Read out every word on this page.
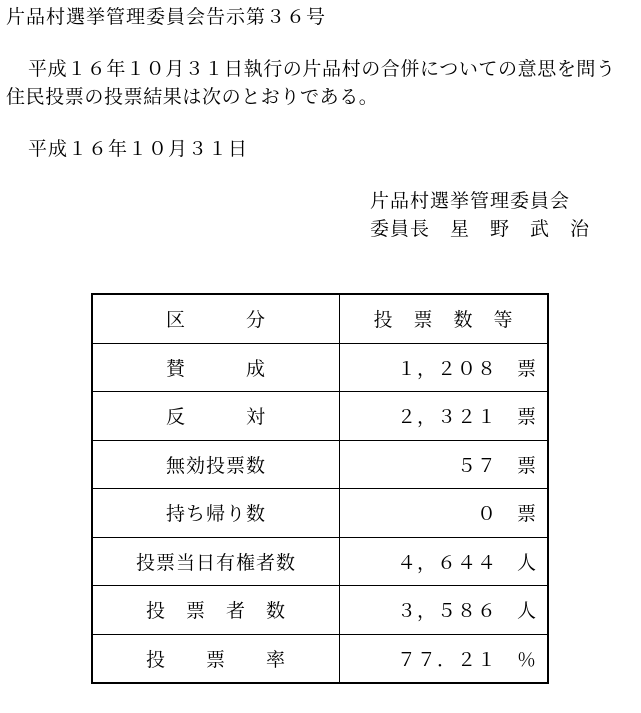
片品村選挙管理委員会告示第３６号
平成１６年１０月３１日執行の片品村の合併についての意思を問う
住民投票の投票結果は次のとおりである。
平成１６年１０月３１日
片品村選挙管理委員会
委員長　星　野　武　治
区　　　分	投　票　数　等
賛　　　成	１，２０８　票
反　　　対	２，３２１　票
無効投票数	５７　票
持ち帰り数	０　票
投票当日有権者数	４，６４４　人
投　票　者　数	３，５８６　人
投　　票　　率	７７．２１　％
